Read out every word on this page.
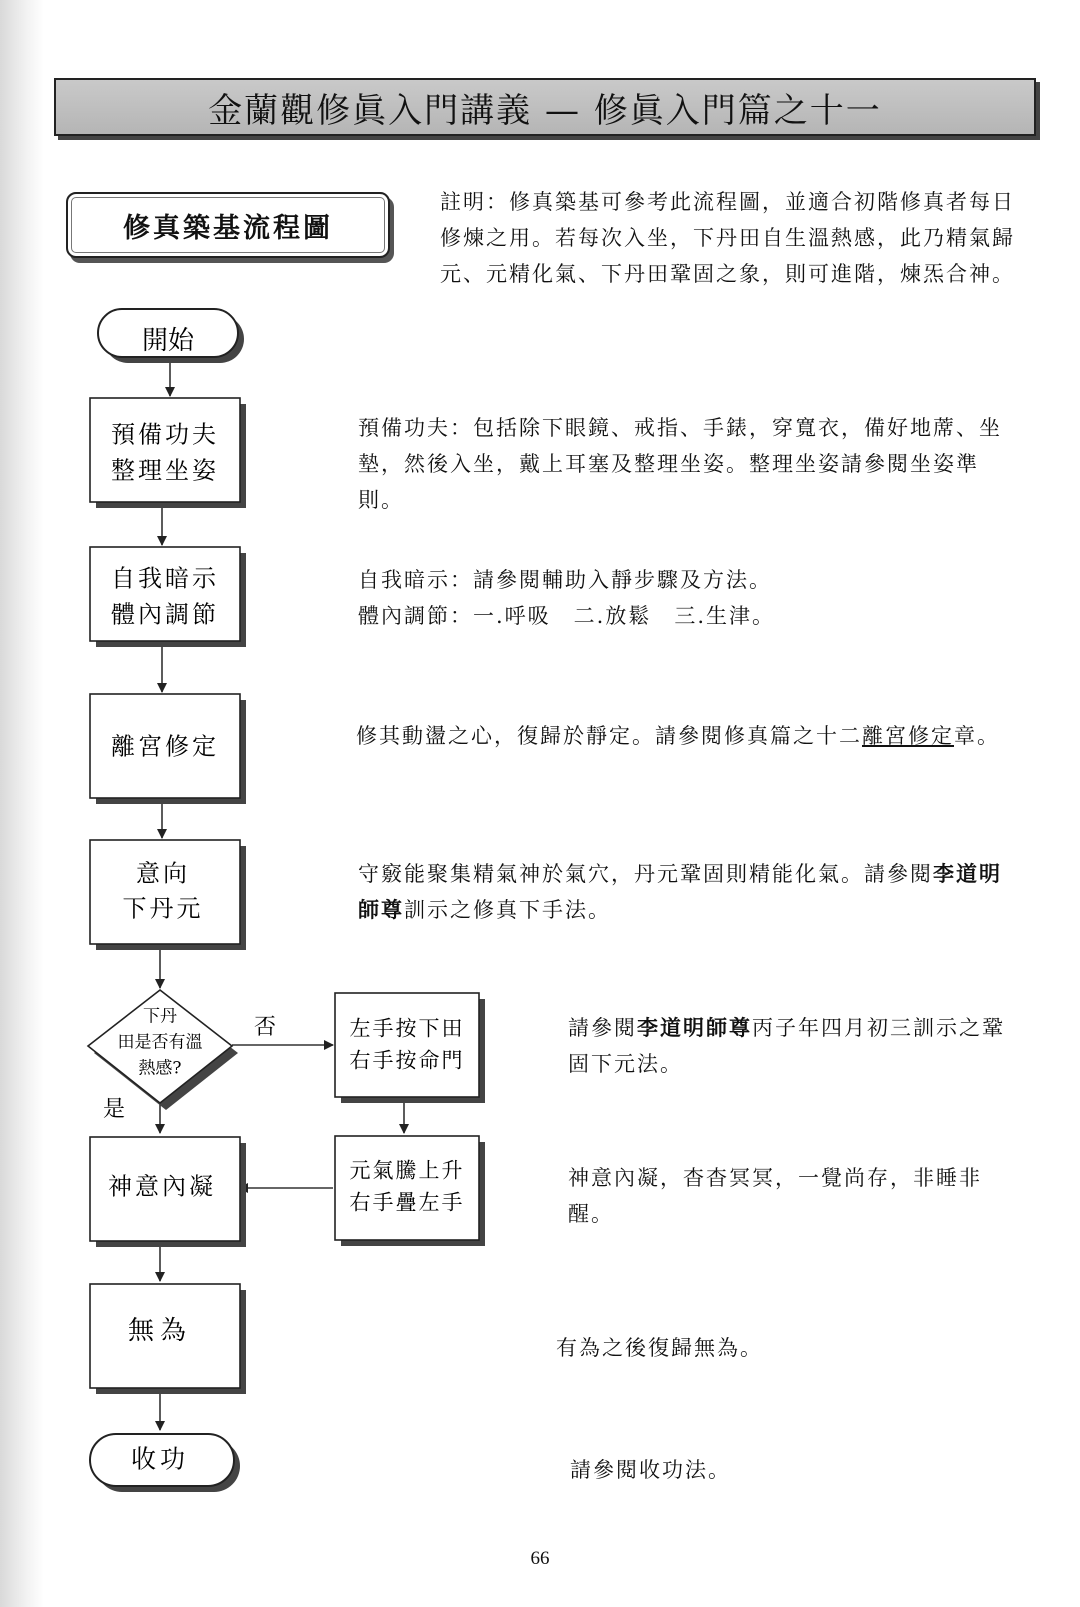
金蘭觀修眞入門講義 — 修眞入門篇之十一
修真築基流程圖
註明：修真築基可參考此流程圖，並適合初階修真者每日修煉之用。若每次入坐，下丹田自生溫熱感，此乃精氣歸元、元精化氣、下丹田鞏固之象，則可進階，煉炁合神。
開始
預備功夫
整理坐姿
自我暗示
體內調節
離宮修定
意向
下丹元
下丹
田是否有溫
熱感?
否
是
左手按下田
右手按命門
元氣騰上升
右手疊左手
神意內凝
無為
收功
預備功夫：包括除下眼鏡、戒指、手錶，穿寬衣，備好地蓆、坐墊，然後入坐，戴上耳塞及整理坐姿。整理坐姿請參閱坐姿準則。
自我暗示：請參閱輔助入靜步驟及方法。
體內調節：一.呼吸　二.放鬆　三.生津。
修其動盪之心，復歸於靜定。請參閱修真篇之十二離宮修定章。
守竅能聚集精氣神於氣穴，丹元鞏固則精能化氣。請參閱李道明師尊訓示之修真下手法。
請參閱李道明師尊丙子年四月初三訓示之鞏固下元法。
神意內凝，杳杳冥冥，一覺尚存，非睡非醒。
有為之後復歸無為。
請參閱收功法。
66
